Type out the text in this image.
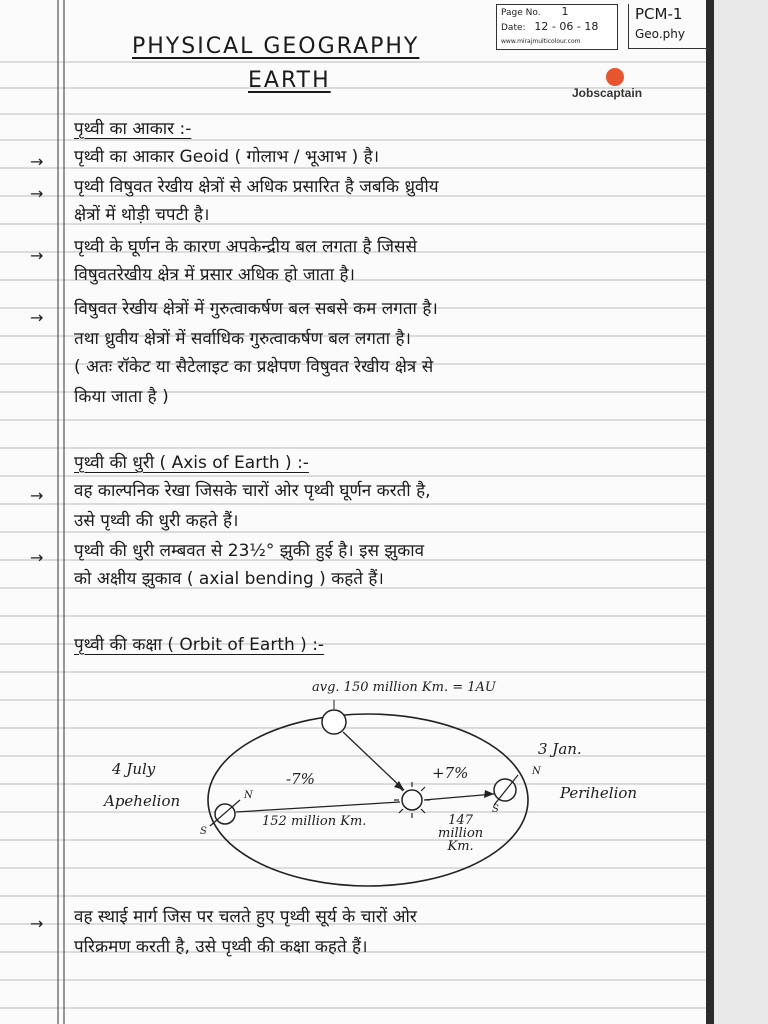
Page No. 1
Date: 12 - 06 - 18
www.mirajmulticolour.com
PCM-1
Geo.phy
PHYSICAL GEOGRAPHY
EARTH	Jobscaptain
पृथ्वी का आकार :-
→ पृथ्वी का आकार Geoid ( गोलाभ / भूआभ ) है।
→ पृथ्वी विषुवत रेखीय क्षेत्रों से अधिक प्रसारित है जबकि ध्रुवीय
क्षेत्रों में थोड़ी चपटी है।
→ पृथ्वी के घूर्णन के कारण अपकेन्द्रीय बल लगता है जिससे
विषुवतरेखीय क्षेत्र में प्रसार अधिक हो जाता है।
→ विषुवत रेखीय क्षेत्रों में गुरुत्वाकर्षण बल सबसे कम लगता है।
तथा ध्रुवीय क्षेत्रों में सर्वाधिक गुरुत्वाकर्षण बल लगता है।
( अतः रॉकेट या सैटेलाइट का प्रक्षेपण विषुवत रेखीय क्षेत्र से
किया जाता है )
पृथ्वी की धुरी ( Axis of Earth ) :-
→ वह काल्पनिक रेखा जिसके चारों ओर पृथ्वी घूर्णन करती है,
उसे पृथ्वी की धुरी कहते हैं।
→ पृथ्वी की धुरी लम्बवत से 23½° झुकी हुई है। इस झुकाव
को अक्षीय झुकाव ( axial bending ) कहते हैं।
पृथ्वी की कक्षा ( Orbit of Earth ) :-
avg. 150 million Km. = 1AU
4 July
Apehelion
3 Jan.
Perihelion
-7%	+7%
152 million Km.	147
million
Km.
N
S
N
S
→ वह स्थाई मार्ग जिस पर चलते हुए पृथ्वी सूर्य के चारों ओर
परिक्रमण करती है, उसे पृथ्वी की कक्षा कहते हैं।
